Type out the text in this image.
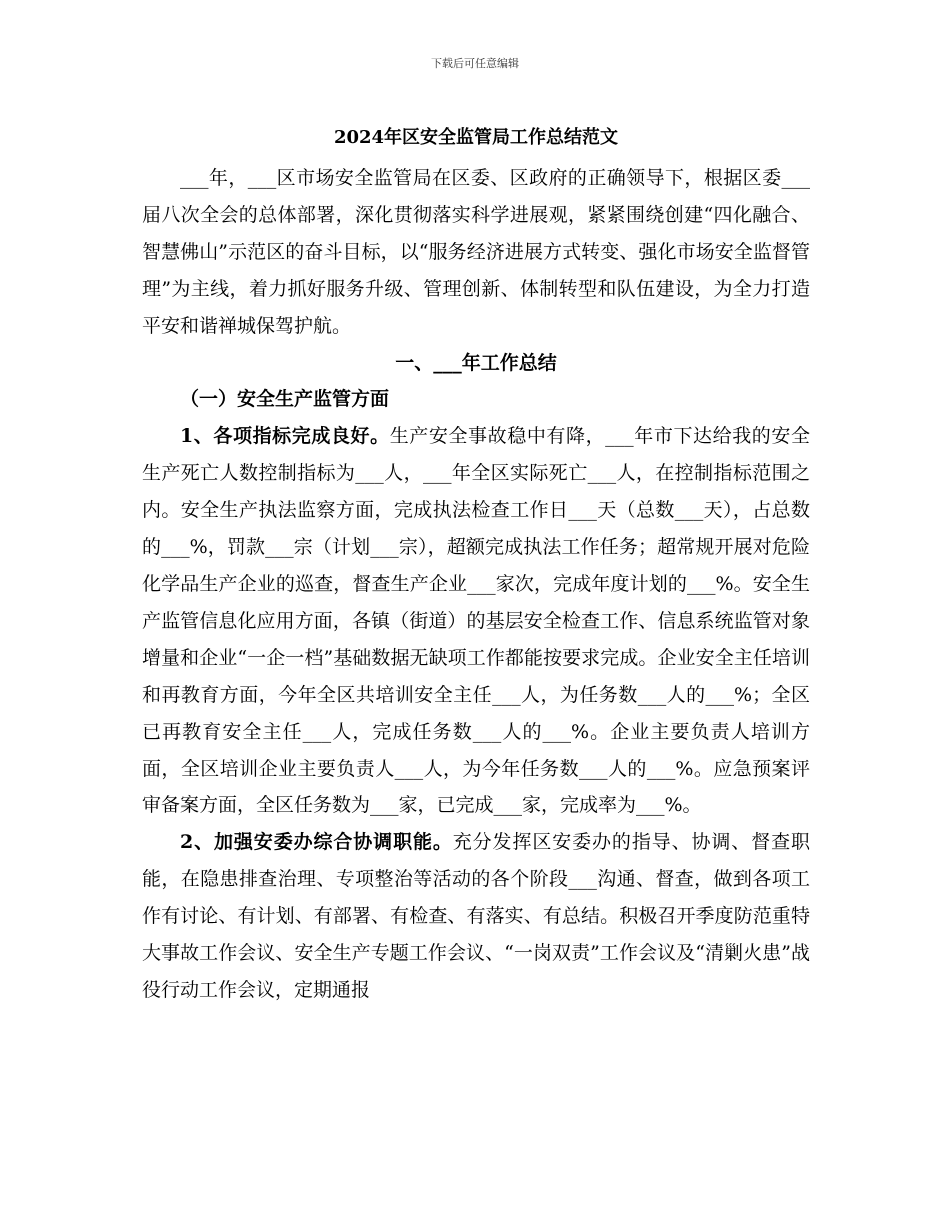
下载后可任意编辑
2024年区安全监管局工作总结范文

___年，___区市场安全监管局在区委、区政府的正确领导下，根据区委___届八次全会的总体部署，深化贯彻落实科学进展观，紧紧围绕创建“四化融合、智慧佛山”示范区的奋斗目标，以“服务经济进展方式转变、强化市场安全监督管理”为主线，着力抓好服务升级、管理创新、体制转型和队伍建设，为全力打造平安和谐禅城保驾护航。

一、___年工作总结

（一）安全生产监管方面

1、各项指标完成良好。生产安全事故稳中有降，___年市下达给我的安全生产死亡人数控制指标为___人，___年全区实际死亡___人，在控制指标范围之内。安全生产执法监察方面，完成执法检查工作日___天（总数___天），占总数的___%，罚款___宗（计划___宗），超额完成执法工作任务；超常规开展对危险化学品生产企业的巡查，督查生产企业___家次，完成年度计划的___%。安全生产监管信息化应用方面，各镇（街道）的基层安全检查工作、信息系统监管对象增量和企业“一企一档”基础数据无缺项工作都能按要求完成。企业安全主任培训和再教育方面，今年全区共培训安全主任___人，为任务数___人的___%；全区已再教育安全主任___人，完成任务数___人的___%。企业主要负责人培训方面，全区培训企业主要负责人___人，为今年任务数___人的___%。应急预案评审备案方面，全区任务数为___家，已完成___家，完成率为___%。

2、加强安委办综合协调职能。充分发挥区安委办的指导、协调、督查职能，在隐患排查治理、专项整治等活动的各个阶段___沟通、督查，做到各项工作有讨论、有计划、有部署、有检查、有落实、有总结。积极召开季度防范重特大事故工作会议、安全生产专题工作会议、“一岗双责”工作会议及“清剿火患”战役行动工作会议，定期通报
